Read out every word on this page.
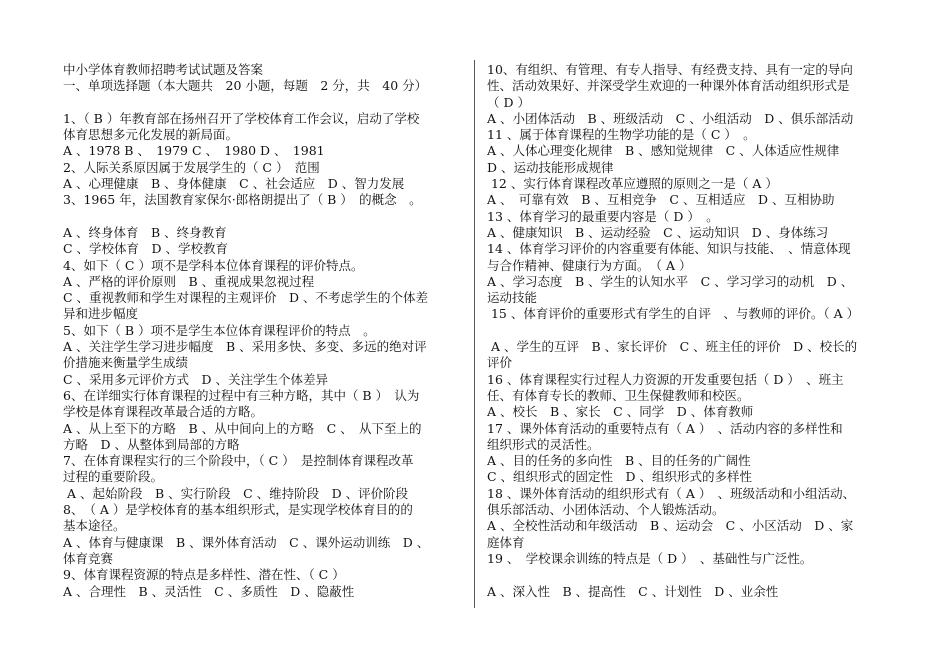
中小学体育教师招聘考试试题及答案
一、单项选择题（本大题共　20 小题，每题　2 分，共　40 分）
1、（ B ）年教育部在扬州召开了学校体育工作会议，启动了学校
体育思想多元化发展的新局面。
A 、1978 B 、　1979 C 、　1980 D 、　1981
2、人际关系原因属于发展学生的（ C ）　范围
A 、心理健康　B 、身体健康　C 、社会适应　D 、智力发展
3、1965 年，法国教育家保尔·郎格朗提出了（ B ）　的概念　。
A 、终身体育　B 、终身教育
C 、学校体育　D 、学校教育
4、如下（ C ）项不是学科本位体育课程的评价特点。
A 、严格的评价原则　B 、重视成果忽视过程
C 、重视教师和学生对课程的主观评价　D 、不考虑学生的个体差
异和进步幅度
5、如下（ B ）项不是学生本位体育课程评价的特点　。
A 、关注学生学习进步幅度　B 、采用多快、多变、多远的绝对评
价措施来衡量学生成绩
C 、采用多元评价方式　D 、关注学生个体差异
6、在详细实行体育课程的过程中有三种方略，其中（ B ）　认为
学校是体育课程改革最合适的方略。
A 、从上至下的方略　B 、从中间向上的方略　C 、　从下至上的
方略　D 、从整体到局部的方略
7、在体育课程实行的三个阶段中，（ C ）　是控制体育课程改革
过程的重要阶段。
A 、起始阶段　B 、实行阶段　C 、维持阶段　D 、评价阶段
8、　（ A ）是学校体育的基本组织形式，是实现学校体育目的的
基本途径。
A 、体育与健康课　B 、课外体育活动　C 、课外运动训练　D 、
体育竞赛
9、体育课程资源的特点是多样性、潜在性、（ C ）
A 、合理性　B 、灵活性　C 、多质性　D 、隐蔽性
10、有组织、有管理、有专人指导、有经费支持、具有一定的导向
性、活动效果好、并深受学生欢迎的一种课外体育活动组织形式是
（ D ）
A 、小团体活动　B 、班级活动　C 、小组活动　D 、俱乐部活动
11 、属于体育课程的生物学功能的是（ C ）　。
A 、人体心理变化规律　B 、感知觉规律　C 、人体适应性规律
D 、运动技能形成规律
12 、实行体育课程改革应遵照的原则之一是（ A ）
A 、　可靠有效　B 、互相竞争　C 、互相适应　D 、互相协助
13 、体育学习的最重要内容是（ D ）　。
A 、健康知识　B 、运动经验　C 、运动知识　D 、身体练习
14 、体育学习评价的内容重要有体能、知识与技能、　、情意体现
与合作精神、健康行为方面。　（ A ）
A 、学习态度　B 、学生的认知水平　C 、学习学习的动机　D 、
运动技能
15 、体育评价的重要形式有学生的自评　、与教师的评价。（ A ）
A 、学生的互评　B 、家长评价　C 、班主任的评价　D 、校长的
评价
16 、体育课程实行过程人力资源的开发重要包括（ D ）　、班主
任、有体育专长的教师、卫生保健教师和校医。
A 、校长　B 、家长　C 、同学　D 、体育教师
17 、课外体育活动的重要特点有（ A ）　、活动内容的多样性和
组织形式的灵活性。
A 、目的任务的多向性　B 、目的任务的广阔性
C 、组织形式的固定性　D 、组织形式的多样性
18 、课外体育活动的组织形式有（ A ）　、班级活动和小组活动、
俱乐部活动、小团体活动、个人锻炼活动。
A 、全校性活动和年级活动　B 、运动会　C 、小区活动　D 、家
庭体育
19 、　学校课余训练的特点是（ D ）　、基础性与广泛性。
A 、深入性　B 、提高性　C 、计划性　D 、业余性
